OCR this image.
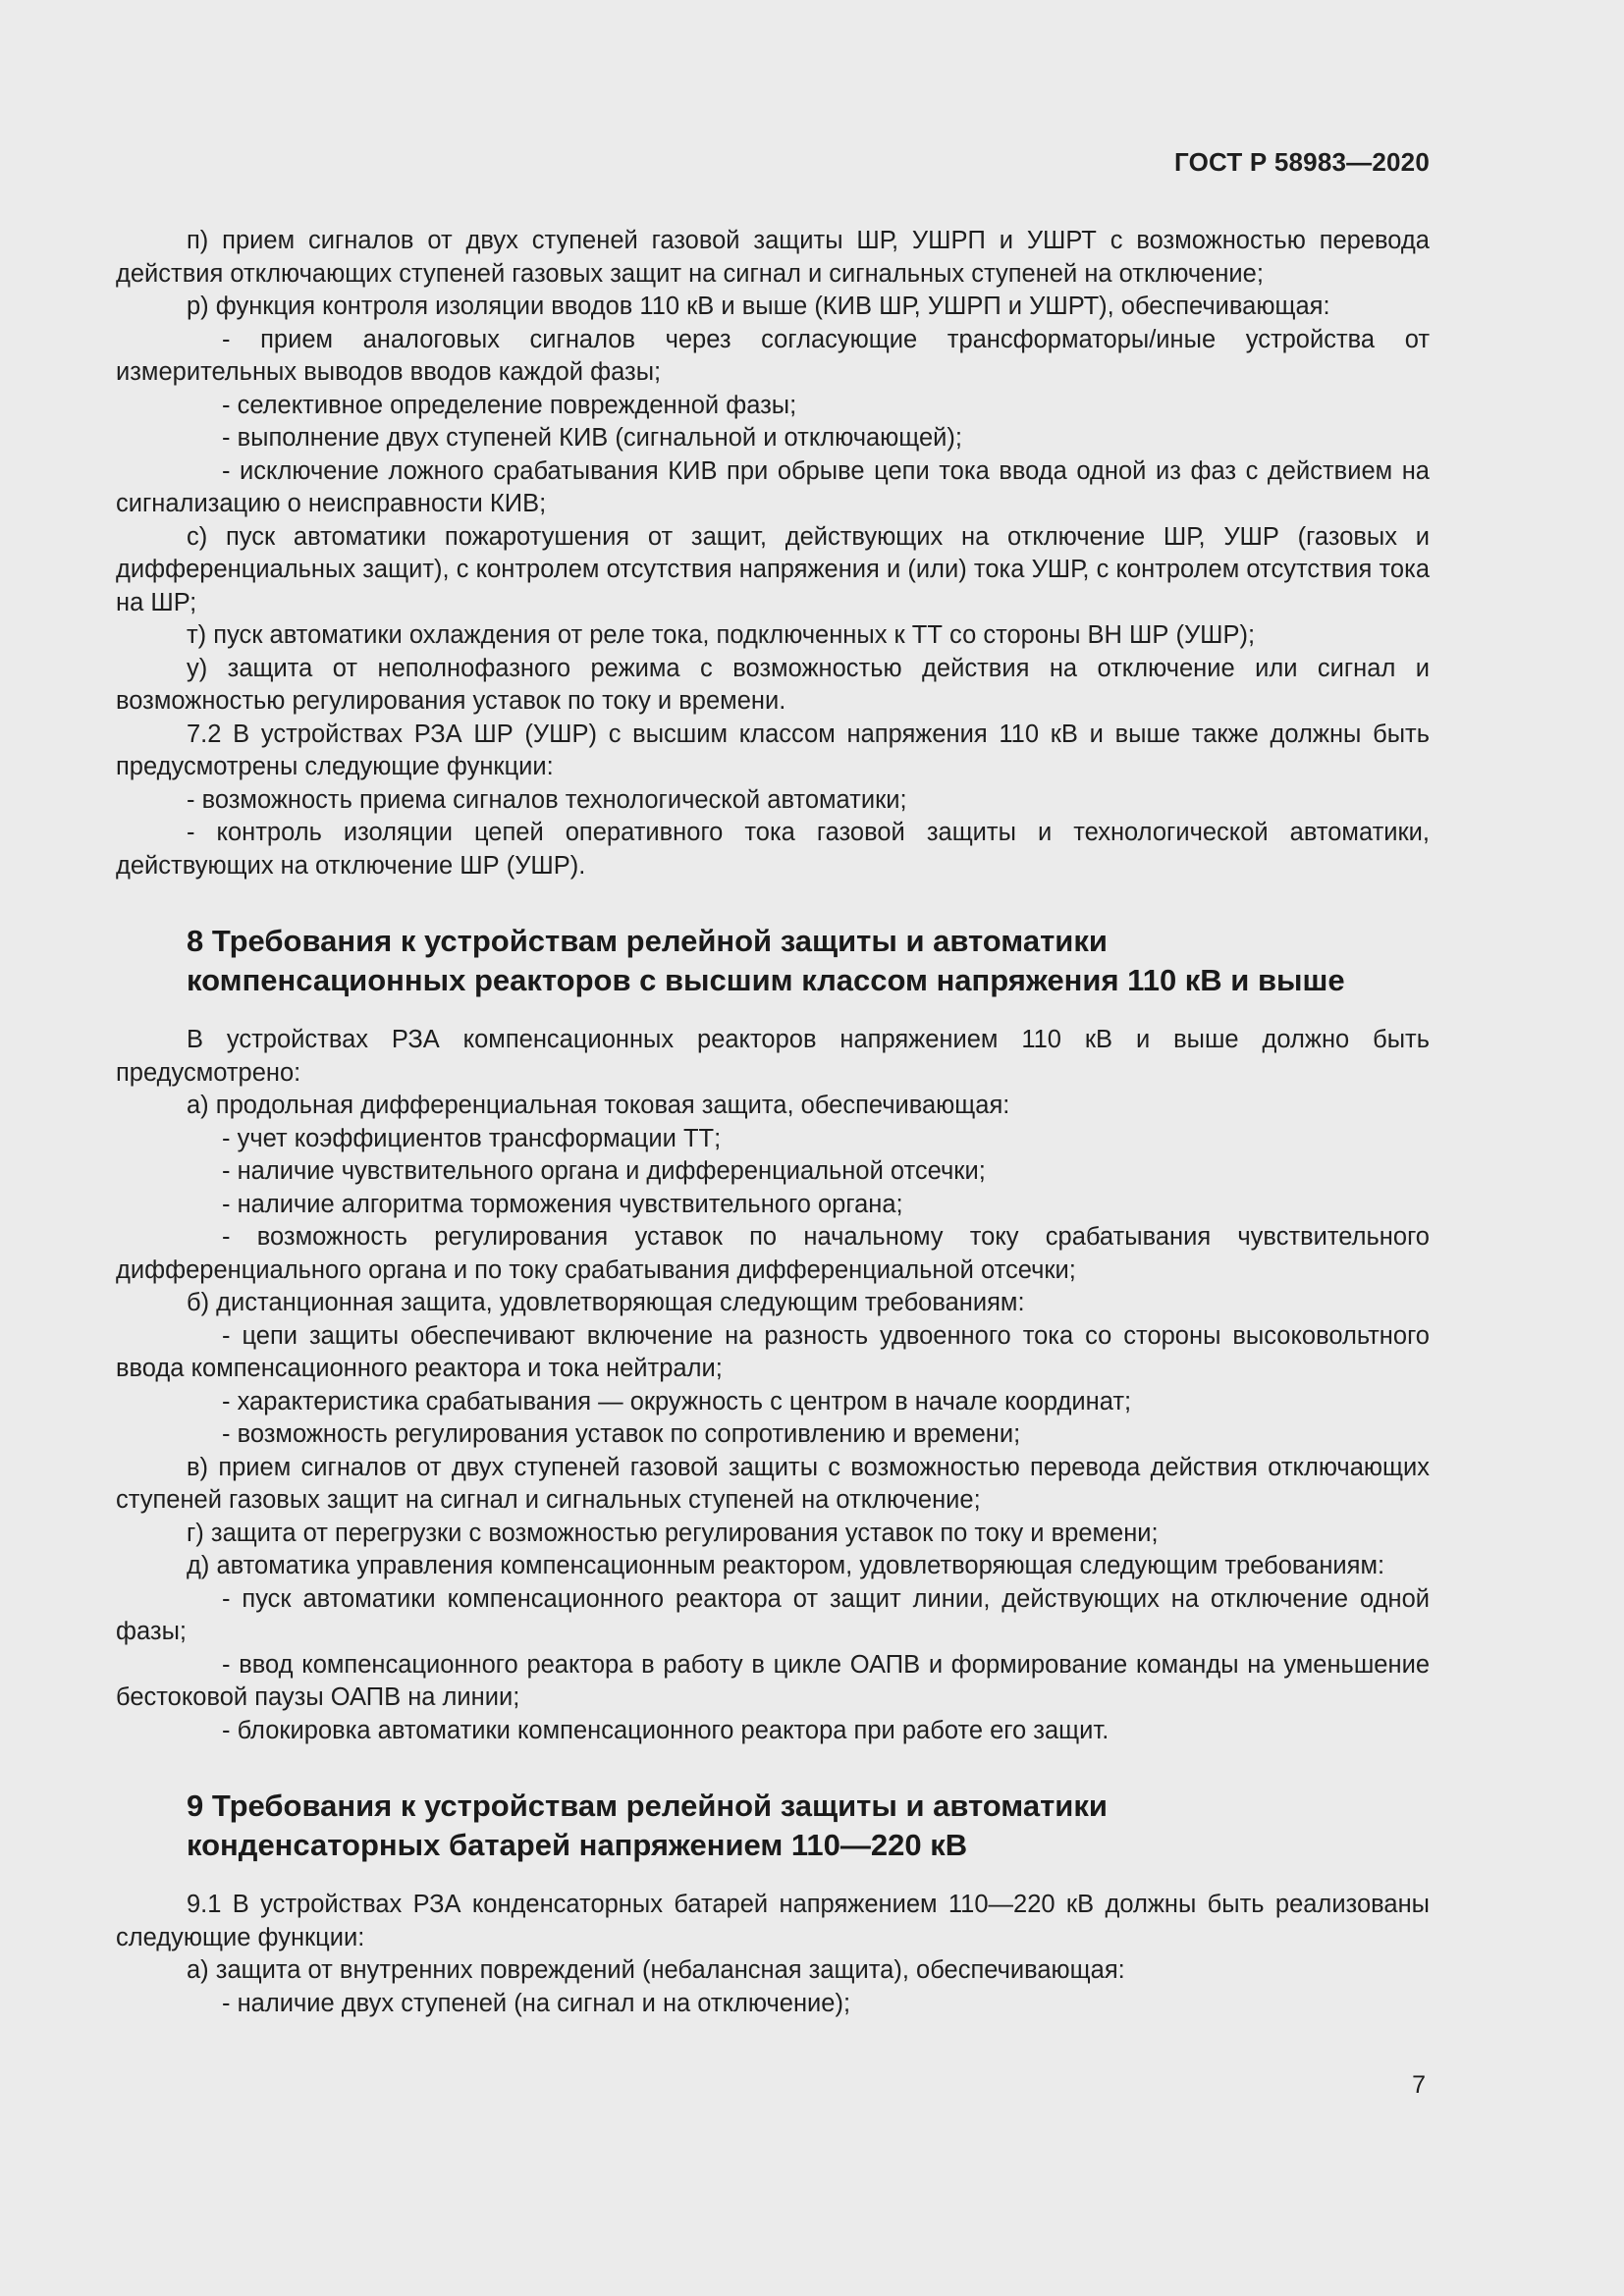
ГОСТ Р 58983—2020

п) прием сигналов от двух ступеней газовой защиты ШР, УШРП и УШРТ с возможностью перевода действия отключающих ступеней газовых защит на сигнал и сигнальных ступеней на отключение;

р) функция контроля изоляции вводов 110 кВ и выше (КИВ ШР, УШРП и УШРТ), обеспечивающая:

- прием аналоговых сигналов через согласующие трансформаторы/иные устройства от измерительных выводов вводов каждой фазы;

- селективное определение поврежденной фазы;

- выполнение двух ступеней КИВ (сигнальной и отключающей);

- исключение ложного срабатывания КИВ при обрыве цепи тока ввода одной из фаз с действием на сигнализацию о неисправности КИВ;

с) пуск автоматики пожаротушения от защит, действующих на отключение ШР, УШР (газовых и дифференциальных защит), с контролем отсутствия напряжения и (или) тока УШР, с контролем отсутствия тока на ШР;

т) пуск автоматики охлаждения от реле тока, подключенных к ТТ со стороны ВН ШР (УШР);

у) защита от неполнофазного режима с возможностью действия на отключение или сигнал и возможностью регулирования уставок по току и времени.

7.2 В устройствах РЗА ШР (УШР) с высшим классом напряжения 110 кВ и выше также должны быть предусмотрены следующие функции:

- возможность приема сигналов технологической автоматики;

- контроль изоляции цепей оперативного тока газовой защиты и технологической автоматики, действующих на отключение ШР (УШР).

8 Требования к устройствам релейной защиты и автоматики
компенсационных реакторов с высшим классом напряжения 110 кВ и выше

В устройствах РЗА компенсационных реакторов напряжением 110 кВ и выше должно быть предусмотрено:

а) продольная дифференциальная токовая защита, обеспечивающая:

- учет коэффициентов трансформации ТТ;

- наличие чувствительного органа и дифференциальной отсечки;

- наличие алгоритма торможения чувствительного органа;

- возможность регулирования уставок по начальному току срабатывания чувствительного дифференциального органа и по току срабатывания дифференциальной отсечки;

б) дистанционная защита, удовлетворяющая следующим требованиям:

- цепи защиты обеспечивают включение на разность удвоенного тока со стороны высоковольтного ввода компенсационного реактора и тока нейтрали;

- характеристика срабатывания — окружность с центром в начале координат;

- возможность регулирования уставок по сопротивлению и времени;

в) прием сигналов от двух ступеней газовой защиты с возможностью перевода действия отключающих ступеней газовых защит на сигнал и сигнальных ступеней на отключение;

г) защита от перегрузки с возможностью регулирования уставок по току и времени;

д) автоматика управления компенсационным реактором, удовлетворяющая следующим требованиям:

- пуск автоматики компенсационного реактора от защит линии, действующих на отключение одной фазы;

- ввод компенсационного реактора в работу в цикле ОАПВ и формирование команды на уменьшение бестоковой паузы ОАПВ на линии;

- блокировка автоматики компенсационного реактора при работе его защит.

9 Требования к устройствам релейной защиты и автоматики
конденсаторных батарей напряжением 110—220 кВ

9.1 В устройствах РЗА конденсаторных батарей напряжением 110—220 кВ должны быть реализованы следующие функции:

а) защита от внутренних повреждений (небалансная защита), обеспечивающая:

- наличие двух ступеней (на сигнал и на отключение);

7
